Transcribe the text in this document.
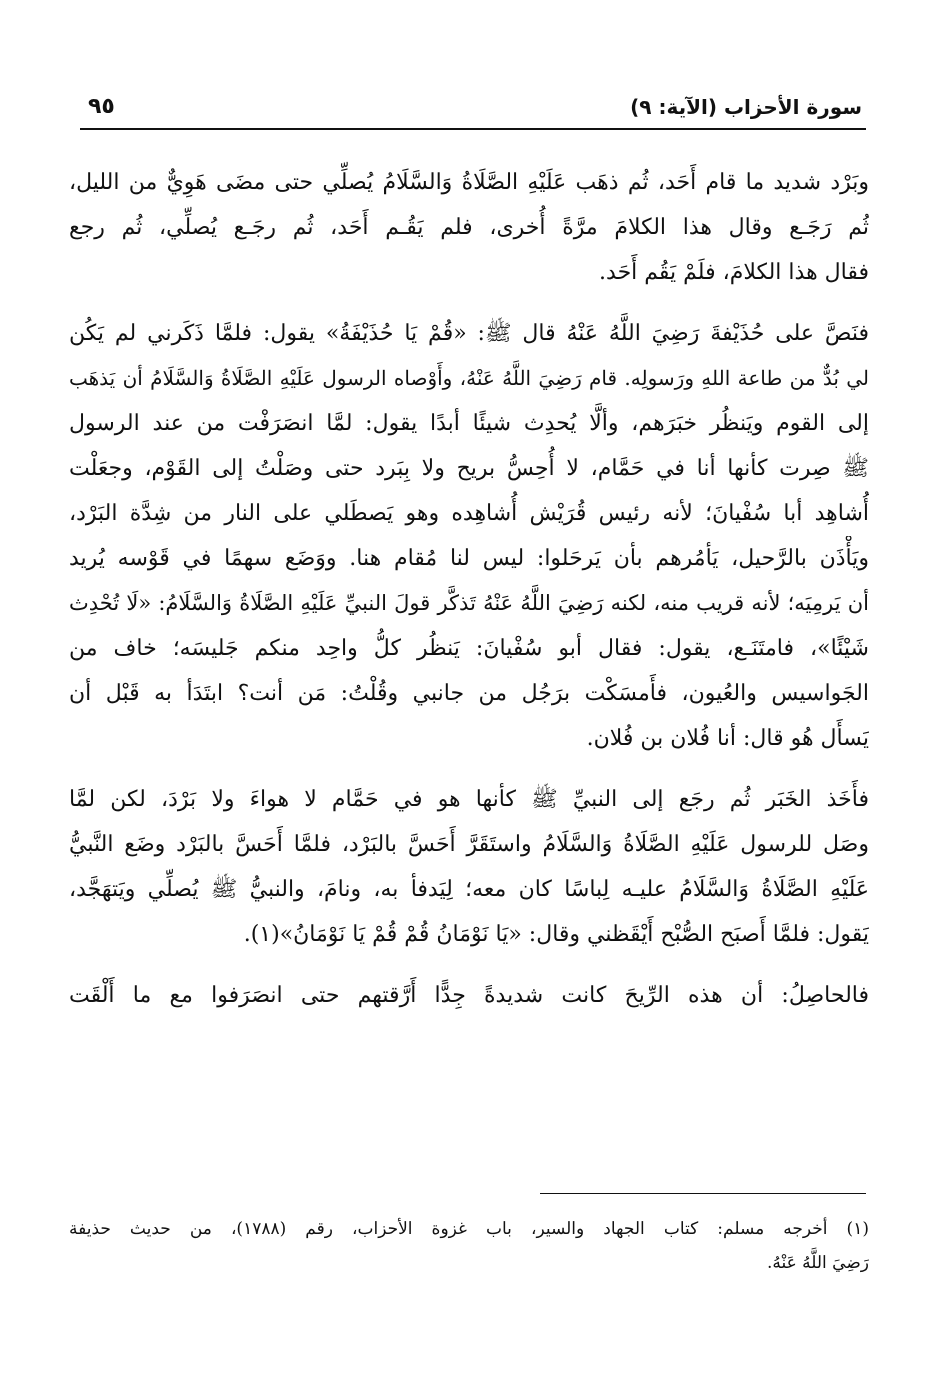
٩٥	سورة الأحزاب (الآية: ٩)
وبَرْد شديد ما قام أَحَد، ثُم ذهَب عَلَيْهِ الصَّلَاةُ وَالسَّلَامُ يُصلِّي حتى مضَى هَوِيٌّ من الليل،
ثُم رَجَـع وقال هذا الكلامَ مرَّةً أُخرى، فلم يَقُـم أَحَد، ثُم رجَـع يُصلِّي، ثُم رجع
فقال هذا الكلامَ، فلَمْ يَقُم أَحَد.
فنَصَّ على حُذَيْفةَ رَضِيَ اللَّهُ عَنْهُ قال ﷺ: «قُمْ يَا حُذَيْفَةُ» يقول: فلمَّا ذَكَرني لم يَكُن
لي بُدٌّ من طاعة اللهِ ورَسولِه. قام رَضِيَ اللَّهُ عَنْهُ، وأَوْصاه الرسول عَلَيْهِ الصَّلَاةُ وَالسَّلَامُ أن يَذهَب
إلى القوم ويَنظُر خبَرَهم، وألَّا يُحدِث شيئًا أبدًا يقول: لمَّا انصَرَفْت من عند الرسول
ﷺ صِرت كأنها أنا في حَمَّام، لا أُحِسُّ بريح ولا بِبَرد حتى وصَلْتُ إلى القَوْم، وجعَلْت
أُشاهِد أبا سُفْيانَ؛ لأنه رئيس قُرَيْش أُشاهِده وهو يَصطَلي على النار من شِدَّة البَرْد،
ويَأْذَن بالرَّحيل، يَأمُرهم بأن يَرحَلوا: ليس لنا مُقام هنا. ووَضَع سهمًا في قَوْسه يُريد
أن يَرمِيَه؛ لأنه قريب منه، لكنه رَضِيَ اللَّهُ عَنْهُ تَذكَّر قولَ النبيِّ عَلَيْهِ الصَّلَاةُ وَالسَّلَامُ: «لَا تُحْدِث
شَيْئًا»، فامتَنَـع، يقول: فقال أبو سُفْيانَ: يَنظُر كلُّ واحِد منكم جَليسَه؛ خاف من
الجَواسيس والعُيون، فأَمسَكْت برَجُل من جانبي وقُلْتُ: مَن أنت؟ ابتَدَأ به قَبْل أن
يَسأَل هُو قال: أنا فُلان بن فُلان.
فأَخَذ الخَبَر ثُم رجَع إلى النبيِّ ﷺ كأنها هو في حَمَّام لا هواءَ ولا بَرْدَ، لكن لمَّا
وصَل للرسول عَلَيْهِ الصَّلَاةُ وَالسَّلَامُ واستَقَرَّ أَحَسَّ بالبَرْد، فلمَّا أَحَسَّ بالبَرْد وضَع النَّبيُّ
عَلَيْهِ الصَّلَاةُ وَالسَّلَامُ عليـه لِباسًا كان معه؛ لِيَدفأ به، ونامَ، والنبيُّ ﷺ يُصلِّي ويَتهَجَّد،
يَقول: فلمَّا أَصبَح الصُّبْح أَيْقَظني وقال: «يَا نَوْمَانُ قُمْ قُمْ يَا نَوْمَانُ»(١).
فالحاصِلُ: أن هذه الرِّيحَ كانت شديدةً جِدًّا أَرَّقتهم حتى انصَرَفوا مع ما أَلْقَت
(١) أخرجه مسلم: كتاب الجهاد والسير، باب غزوة الأحزاب، رقم (١٧٨٨)، من حديث حذيفة
رَضِيَ اللَّهُ عَنْهُ.
